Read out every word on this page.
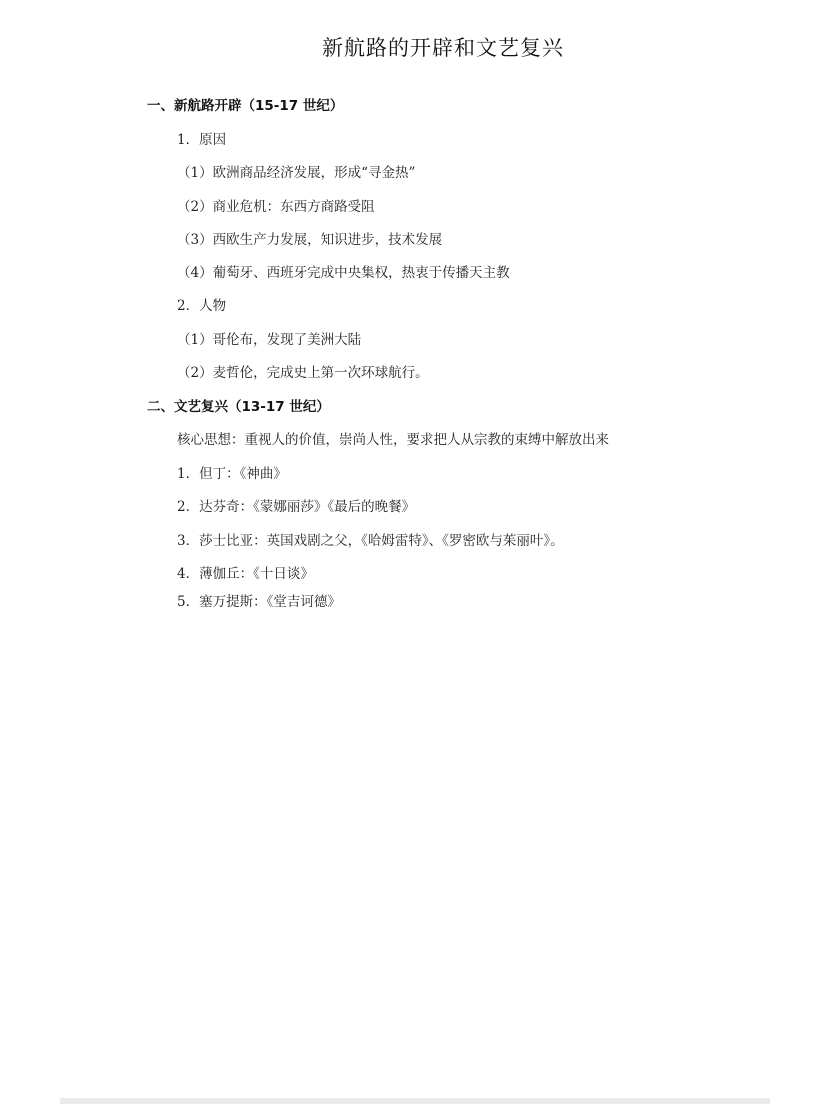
新航路的开辟和文艺复兴
一、新航路开辟（15-17 世纪）
1．原因
（1）欧洲商品经济发展，形成“寻金热”
（2）商业危机：东西方商路受阻
（3）西欧生产力发展，知识进步，技术发展
（4）葡萄牙、西班牙完成中央集权，热衷于传播天主教
2．人物
（1）哥伦布，发现了美洲大陆
（2）麦哲伦，完成史上第一次环球航行。
二、文艺复兴（13-17 世纪）
核心思想：重视人的价值，崇尚人性，要求把人从宗教的束缚中解放出来
1．但丁：《神曲》
2．达芬奇：《蒙娜丽莎》《最后的晚餐》
3．莎士比亚：英国戏剧之父，《哈姆雷特》、《罗密欧与茱丽叶》。
4．薄伽丘：《十日谈》
5．塞万提斯：《堂吉诃德》
